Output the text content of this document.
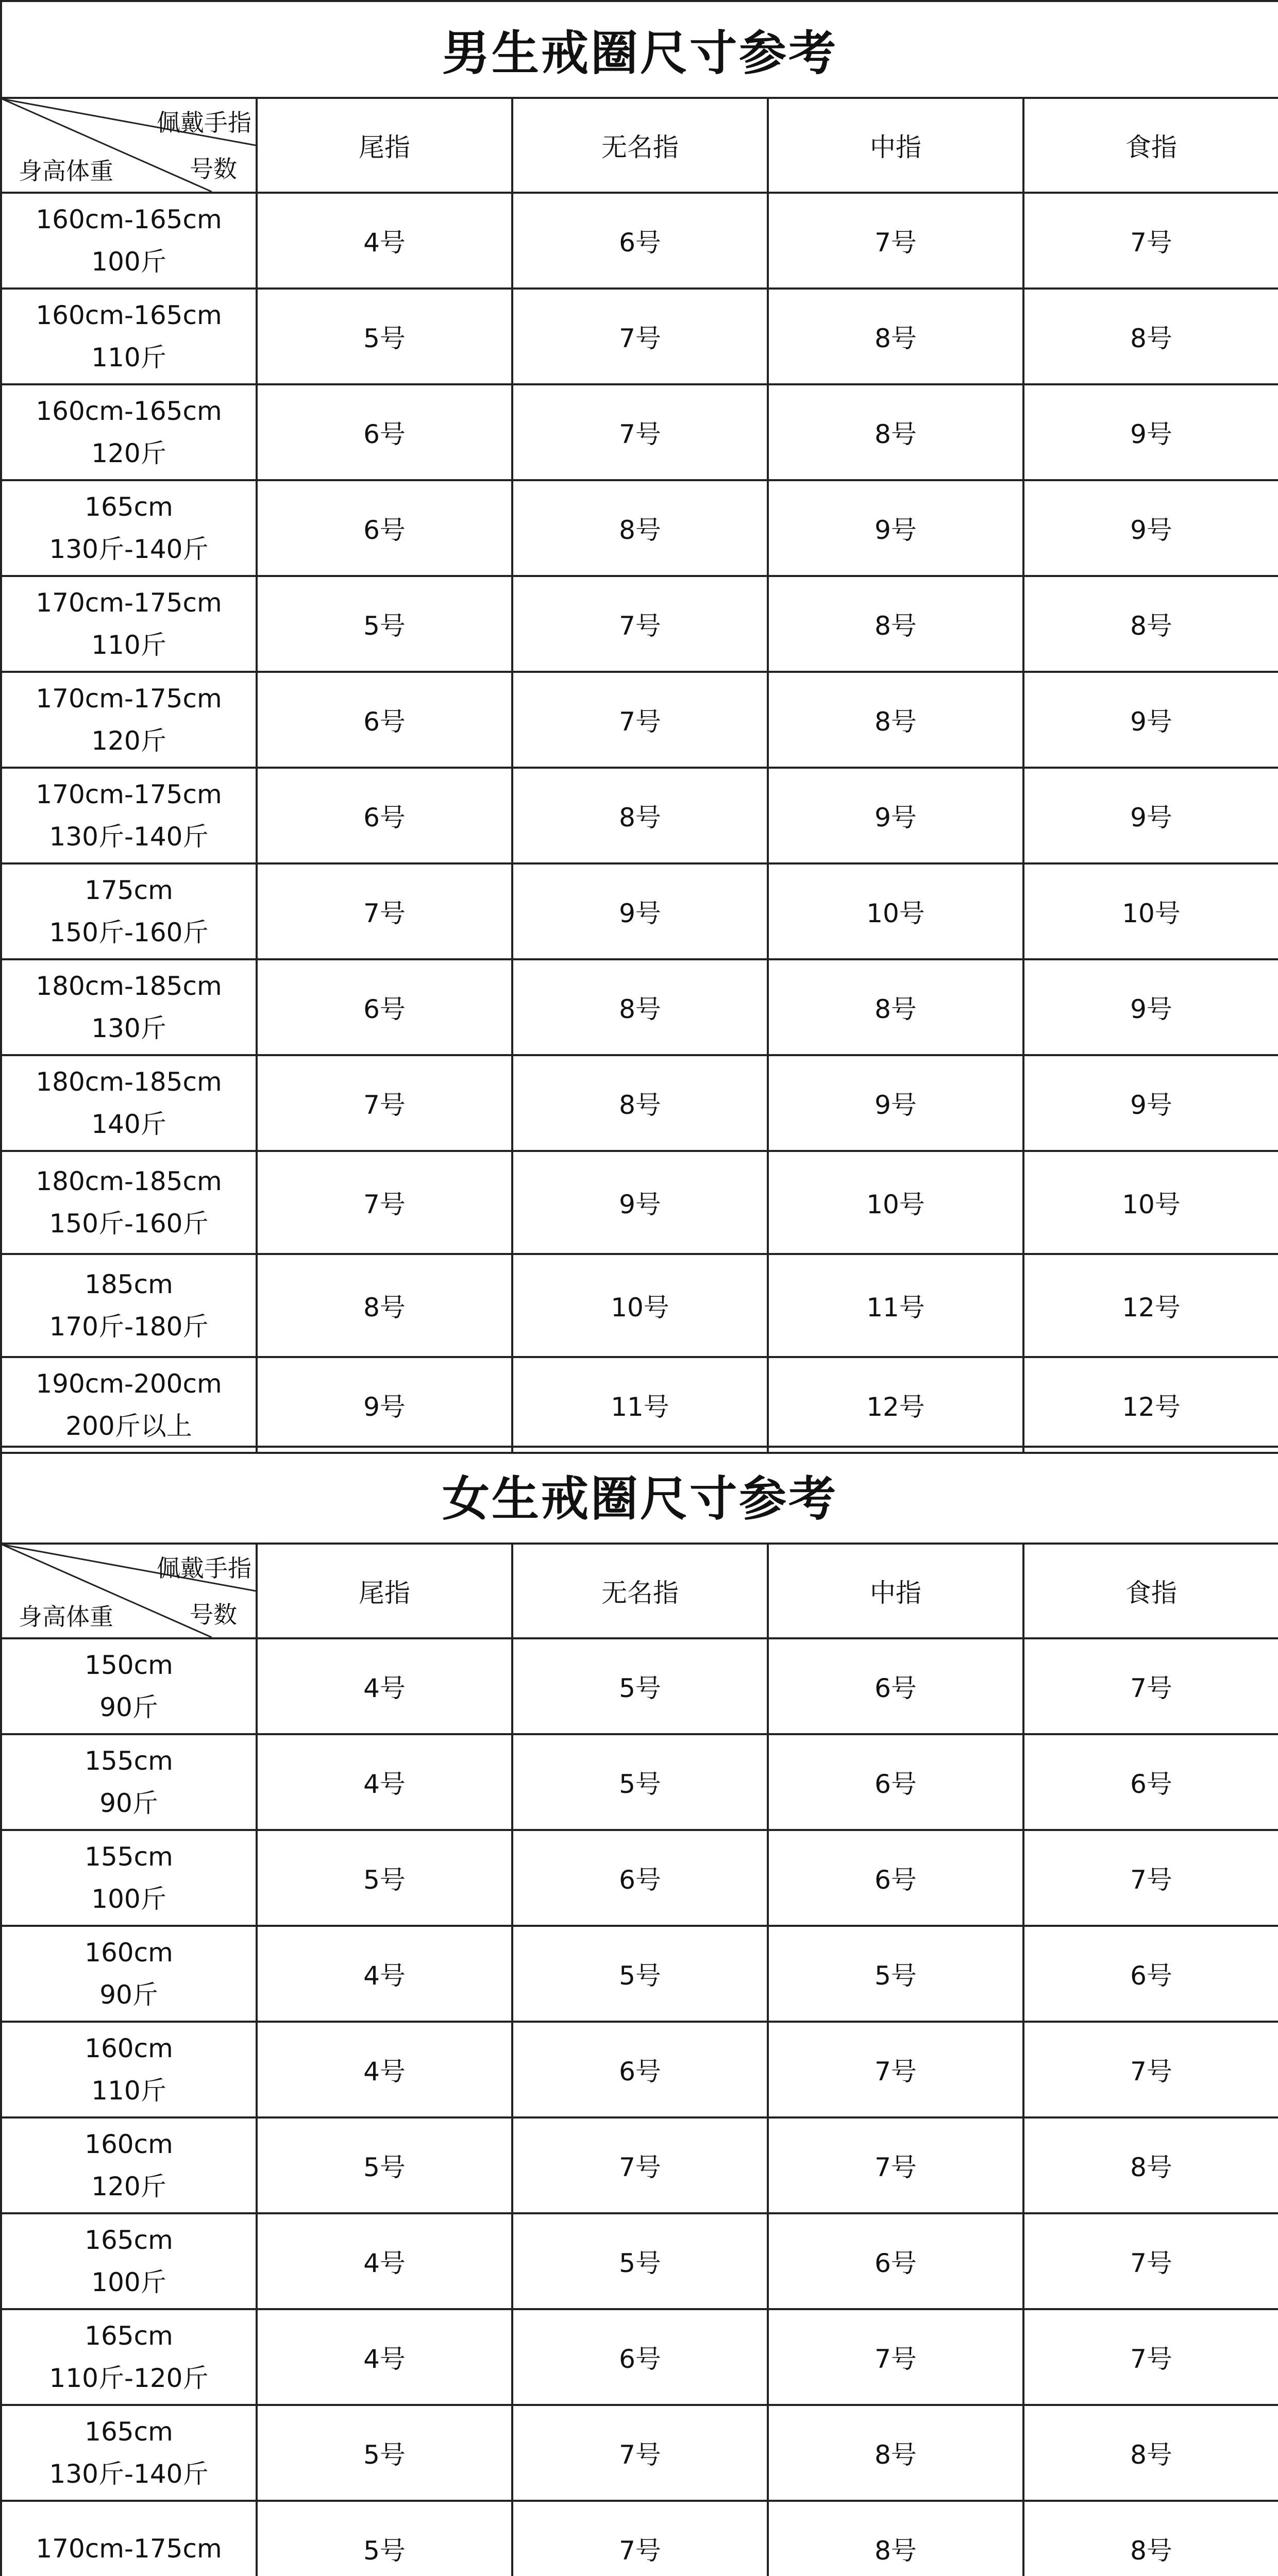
男生戒圈尺寸参考				

佩戴手指
号数
身高体重	尾指	无名指	中指	食指

160cm-165cm
100斤	4号	6号	7号	7号

160cm-165cm
110斤	5号	7号	8号	8号

160cm-165cm
120斤	6号	7号	8号	9号

165cm
130斤-140斤	6号	8号	9号	9号

170cm-175cm
110斤	5号	7号	8号	8号

170cm-175cm
120斤	6号	7号	8号	9号

170cm-175cm
130斤-140斤	6号	8号	9号	9号

175cm
150斤-160斤	7号	9号	10号	10号

180cm-185cm
130斤	6号	8号	8号	9号

180cm-185cm
140斤	7号	8号	9号	9号

180cm-185cm
150斤-160斤	7号	9号	10号	10号

185cm
170斤-180斤	8号	10号	11号	12号

190cm-200cm
200斤以上	9号	11号	12号	12号
女生戒圈尺寸参考				

佩戴手指
号数
身高体重	尾指	无名指	中指	食指

150cm
90斤	4号	5号	6号	7号

155cm
90斤	4号	5号	6号	6号

155cm
100斤	5号	6号	6号	7号

160cm
90斤	4号	5号	5号	6号

160cm
110斤	4号	6号	7号	7号

160cm
120斤	5号	7号	7号	8号

165cm
100斤	4号	5号	6号	7号

165cm
110斤-120斤	4号	6号	7号	7号

165cm
130斤-140斤	5号	7号	8号	8号

170cm-175cm	5号	7号	8号	8号
